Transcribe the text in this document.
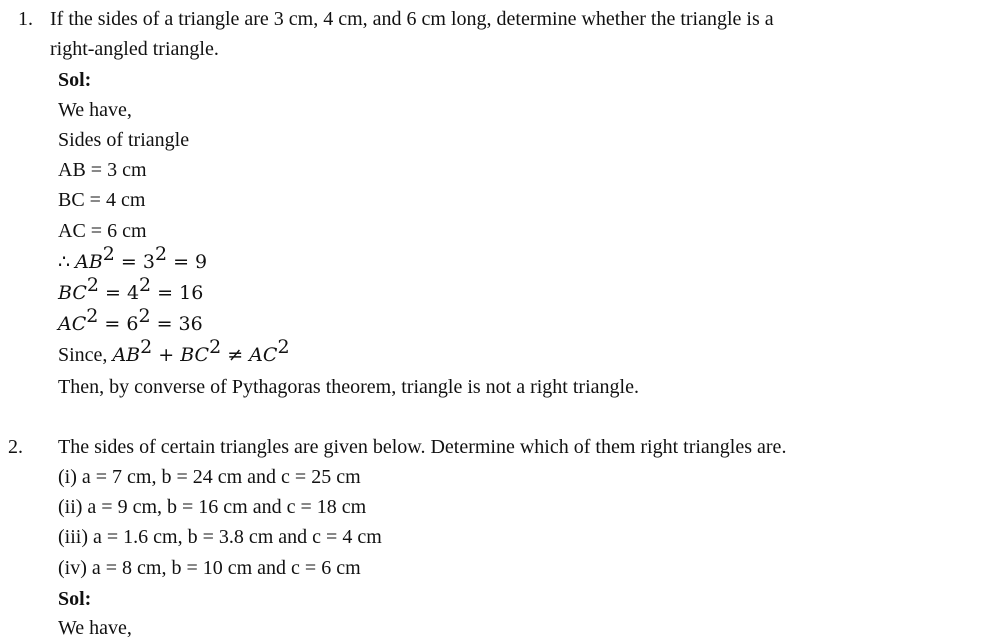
1. If the sides of a triangle are 3 cm, 4 cm, and 6 cm long, determine whether the triangle is a
right-angled triangle.
Sol:
We have,
Sides of triangle
AB = 3 cm
BC = 4 cm
AC = 6 cm
∴ $AB^2 = 3^2 = 9$
$BC^2 = 4^2 = 16$
$AC^2 = 6^2 = 36$
Since, $AB^2 + BC^2 \ne AC^2$
Then, by converse of Pythagoras theorem, triangle is not a right triangle.
2. The sides of certain triangles are given below. Determine which of them right triangles are.
(i) a = 7 cm, b = 24 cm and c = 25 cm
(ii) a = 9 cm, b = 16 cm and c = 18 cm
(iii) a = 1.6 cm, b = 3.8 cm and c = 4 cm
(iv) a = 8 cm, b = 10 cm and c = 6 cm
Sol:
We have,
